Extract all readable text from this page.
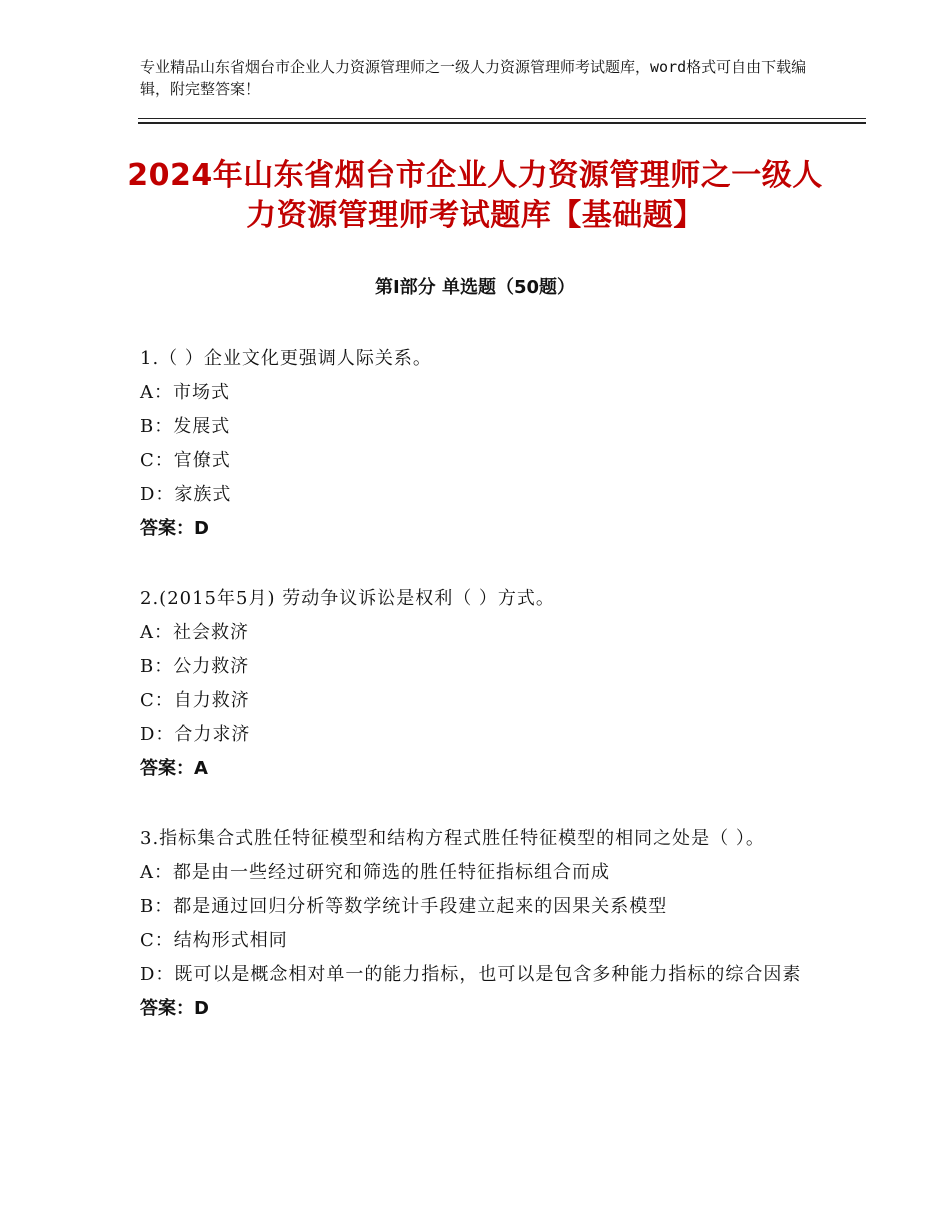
专业精品山东省烟台市企业人力资源管理师之一级人力资源管理师考试题库，word格式可自由下载编辑，附完整答案！
2024年山东省烟台市企业人力资源管理师之一级人力资源管理师考试题库【基础题】
第Ⅰ部分 单选题（50题）
1.（ ）企业文化更强调人际关系。
A：市场式
B：发展式
C：官僚式
D：家族式
答案：D
2.(2015年5月) 劳动争议诉讼是权利（ ）方式。
A：社会救济
B：公力救济
C：自力救济
D：合力求济
答案：A
3.指标集合式胜任特征模型和结构方程式胜任特征模型的相同之处是（ ）。
A：都是由一些经过研究和筛选的胜任特征指标组合而成
B：都是通过回归分析等数学统计手段建立起来的因果关系模型
C：结构形式相同
D：既可以是概念相对单一的能力指标，也可以是包含多种能力指标的综合因素
答案：D
